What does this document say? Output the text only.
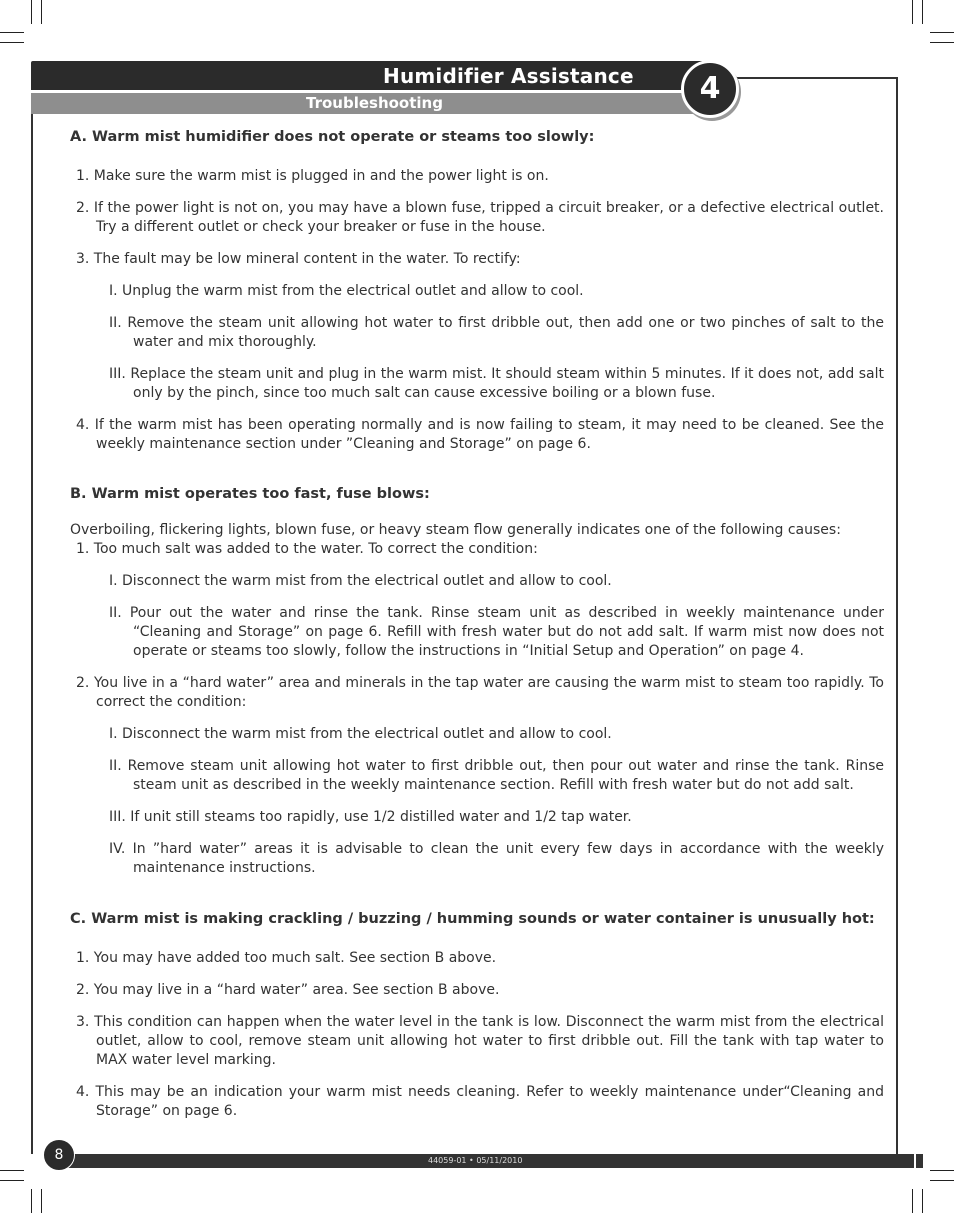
Humidifier Assistance
Troubleshooting	4

A. Warm mist humidifier does not operate or steams too slowly:

1. Make sure the warm mist is plugged in and the power light is on.

2. If the power light is not on, you may have a blown fuse, tripped a circuit breaker, or a defective electrical outlet. Try a different outlet or check your breaker or fuse in the house.

3. The fault may be low mineral content in the water. To rectify:

I. Unplug the warm mist from the electrical outlet and allow to cool.

II. Remove the steam unit allowing hot water to first dribble out, then add one or two pinches of salt to the water and mix thoroughly.

III. Replace the steam unit and plug in the warm mist. It should steam within 5 minutes. If it does not, add salt only by the pinch, since too much salt can cause excessive boiling or a blown fuse.

4. If the warm mist has been operating normally and is now failing to steam, it may need to be cleaned. See the weekly maintenance section under ”Cleaning and Storage” on page 6.

B. Warm mist operates too fast, fuse blows:

Overboiling, flickering lights, blown fuse, or heavy steam flow generally indicates one of the following causes:

1. Too much salt was added to the water. To correct the condition:

I. Disconnect the warm mist from the electrical outlet and allow to cool.

II. Pour out the water and rinse the tank. Rinse steam unit as described in weekly maintenance under “Cleaning and Storage” on page 6. Refill with fresh water but do not add salt. If warm mist now does not operate or steams too slowly, follow the instructions in “Initial Setup and Operation” on page 4.

2. You live in a “hard water” area and minerals in the tap water are causing the warm mist to steam too rapidly. To correct the condition:

I. Disconnect the warm mist from the electrical outlet and allow to cool.

II. Remove steam unit allowing hot water to first dribble out, then pour out water and rinse the tank. Rinse steam unit as described in the weekly maintenance section. Refill with fresh water but do not add salt.

III. If unit still steams too rapidly, use 1/2 distilled water and 1/2 tap water.

IV. In ”hard water” areas it is advisable to clean the unit every few days in accordance with the weekly maintenance instructions.

C. Warm mist is making crackling / buzzing / humming sounds or water container is unusually hot:

1. You may have added too much salt. See section B above.

2. You may live in a “hard water” area. See section B above.

3. This condition can happen when the water level in the tank is low. Disconnect the warm mist from the electrical outlet, allow to cool, remove steam unit allowing hot water to first dribble out. Fill the tank with tap water to MAX water level marking.

4. This may be an indication your warm mist needs cleaning. Refer to weekly maintenance under“Cleaning and Storage” on page 6.

44059-01 • 05/11/2010
8
